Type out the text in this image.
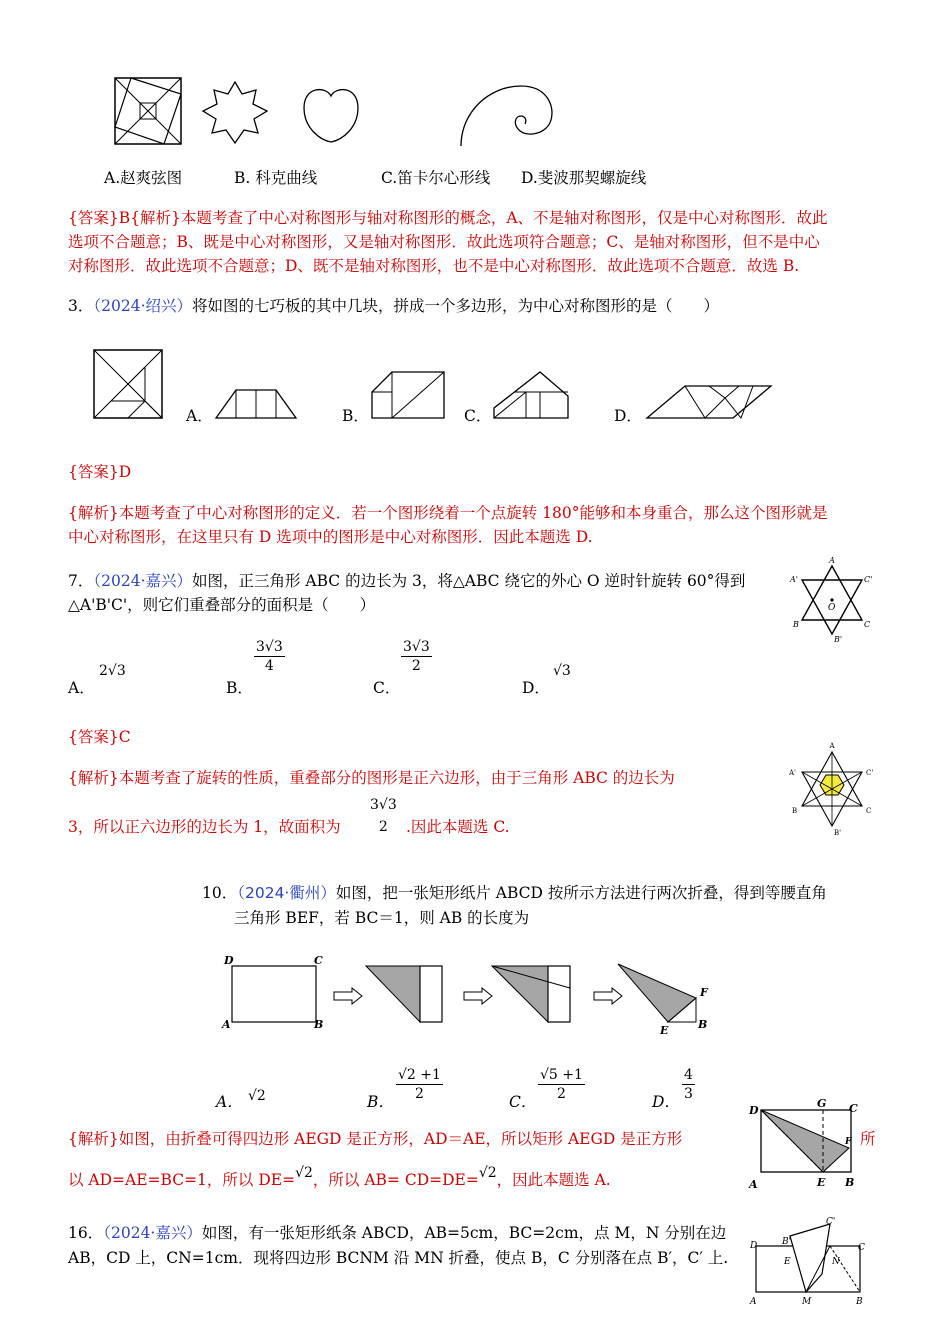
A.赵爽弦图	B. 科克曲线	C.笛卡尔心形线 D.斐波那契螺旋线
{答案}B{解析}本题考查了中心对称图形与轴对称图形的概念，A、不是轴对称图形，仅是中心对称图形．故此
选项不合题意；B、既是中心对称图形，又是轴对称图形．故此选项符合题意；C、是轴对称图形，但不是中心
对称图形．故此选项不合题意；D、既不是轴对称图形，也不是中心对称图形．故此选项不合题意．故选 B.
3．（2024·绍兴）将如图的七巧板的其中几块，拼成一个多边形，为中心对称图形的是（　　）
A．	B．	C．	D．
{答案}D
{解析}本题考查了中心对称图形的定义．若一个图形绕着一个点旋转 180°能够和本身重合，那么这个图形就是
中心对称图形，在这里只有 D 选项中的图形是中心对称图形．因此本题选 D.
7．（2024·嘉兴）如图，正三角形 ABC 的边长为 3，将△ABC 绕它的外心 O 逆时针旋转 60°得到
△A'B'C'，则它们重叠部分的面积是（　　）
A
A'	C'
B	C
B'
O
A．
2√3
B．
$\frac{3√3}{4}$
C．
$\frac{3√3}{2}$
D．
√3
{答案}C
{解析}本题考查了旋转的性质，重叠部分的图形是正六边形，由于三角形 ABC 的边长为
3，所以正六边形的边长为 1，故面积为
3√3
2	.因此本题选 C.
A
A'	C'
B	C
B'
10．（2024·衢州）如图，把一张矩形纸片 ABCD 按所示方法进行两次折叠，得到等腰直角
三角形 BEF，若 BC＝1，则 AB 的长度为
D	C
A	B
F
E	B
A． √2	B． $\frac{√2 +1}{2}$	C． $\frac{√5 +1}{2}$	D． $\frac{4}{3}$
{解析}如图，由折叠可得四边形 AEGD 是正方形，AD＝AE，所以矩形 AEGD 是正方形	所
以 AD=AE=BC=1，所以 DE=√2，所以 AB= CD=DE=√2，因此本题选 A.
D
G C
F
A	E B
16．（2024·嘉兴）如图，有一张矩形纸条 ABCD，AB=5cm，BC=2cm，点 M，N 分别在边
AB，CD 上，CN=1cm．现将四边形 BCNM 沿 MN 折叠，使点 B，C 分别落在点 B′，C′ 上.
D	B'
C'
C
E	N
A	M	B
